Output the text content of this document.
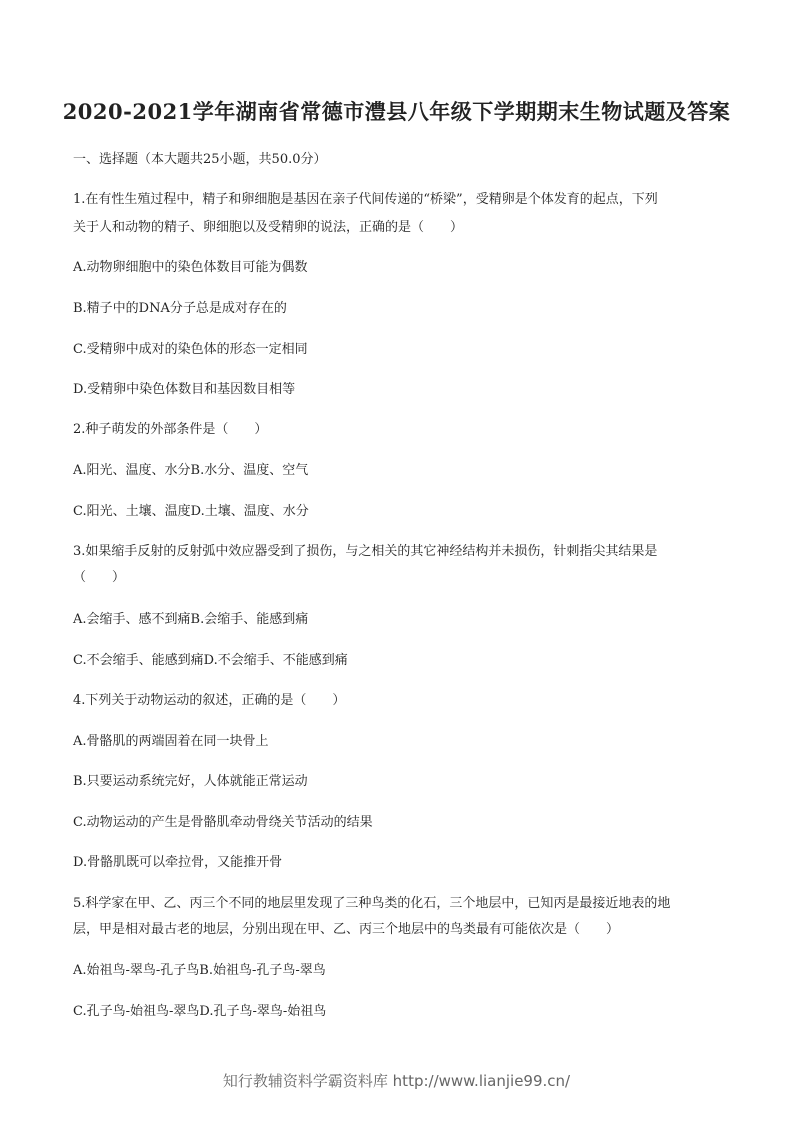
2020-2021学年湖南省常德市澧县八年级下学期期末生物试题及答案
一、选择题（本大题共25小题，共50.0分）
1.在有性生殖过程中，精子和卵细胞是基因在亲子代间传递的“桥梁”，受精卵是个体发育的起点，下列
关于人和动物的精子、卵细胞以及受精卵的说法，正确的是（　　）
A.动物卵细胞中的染色体数目可能为偶数
B.精子中的DNA分子总是成对存在的
C.受精卵中成对的染色体的形态一定相同
D.受精卵中染色体数目和基因数目相等
2.种子萌发的外部条件是（　　）
A.阳光、温度、水分B.水分、温度、空气
C.阳光、土壤、温度D.土壤、温度、水分
3.如果缩手反射的反射弧中效应器受到了损伤，与之相关的其它神经结构并未损伤，针刺指尖其结果是
（　　）
A.会缩手、感不到痛B.会缩手、能感到痛
C.不会缩手、能感到痛D.不会缩手、不能感到痛
4.下列关于动物运动的叙述，正确的是（　　）
A.骨骼肌的两端固着在同一块骨上
B.只要运动系统完好，人体就能正常运动
C.动物运动的产生是骨骼肌牵动骨绕关节活动的结果
D.骨骼肌既可以牵拉骨，又能推开骨
5.科学家在甲、乙、丙三个不同的地层里发现了三种鸟类的化石，三个地层中，已知丙是最接近地表的地
层，甲是相对最古老的地层，分别出现在甲、乙、丙三个地层中的鸟类最有可能依次是（　　）
A.始祖鸟-翠鸟-孔子鸟B.始祖鸟-孔子鸟-翠鸟
C.孔子鸟-始祖鸟-翠鸟D.孔子鸟-翠鸟-始祖鸟
知行教辅资料学霸资料库 http://www.lianjie99.cn/
